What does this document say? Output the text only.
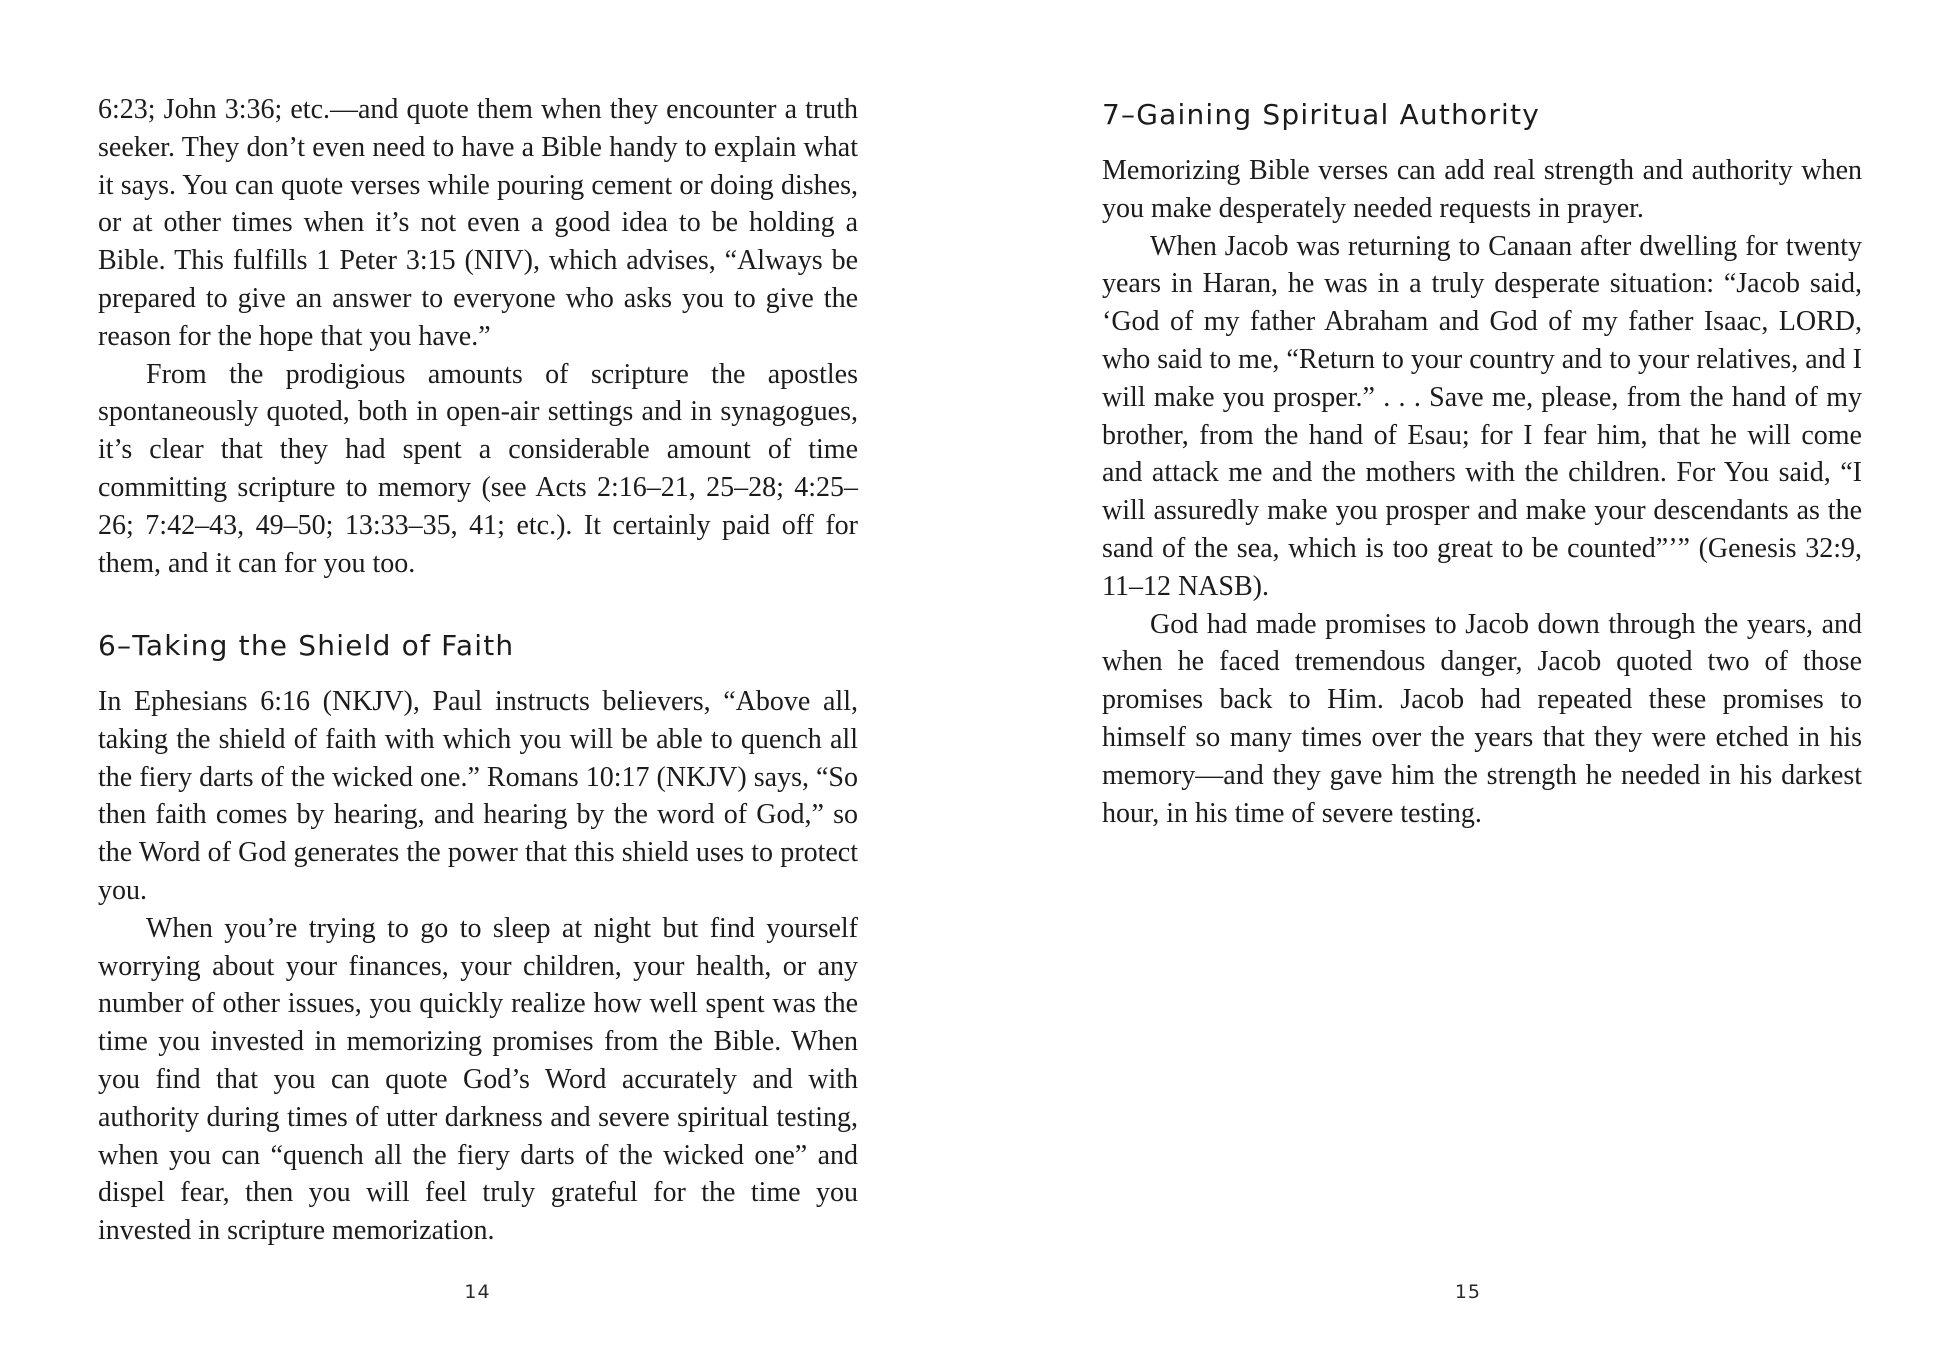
6:23; John 3:36; etc.—and quote them when they encounter a truth seeker. They don’t even need to have a Bible handy to explain what it says. You can quote verses while pouring cement or doing dishes, or at other times when it’s not even a good idea to be holding a Bible. This fulfills 1 Peter 3:15 (NIV), which advises, “Always be prepared to give an answer to everyone who asks you to give the reason for the hope that you have.”

From the prodigious amounts of scripture the apostles spontaneously quoted, both in open-air settings and in synagogues, it’s clear that they had spent a considerable amount of time committing scripture to memory (see Acts 2:16–21, 25–28; 4:25–26; 7:42–43, 49–50; 13:33–35, 41; etc.). It certainly paid off for them, and it can for you too.

6–Taking the Shield of Faith

In Ephesians 6:16 (NKJV), Paul instructs believers, “Above all, taking the shield of faith with which you will be able to quench all the fiery darts of the wicked one.” Romans 10:17 (NKJV) says, “So then faith comes by hearing, and hearing by the word of God,” so the Word of God generates the power that this shield uses to protect you.

When you’re trying to go to sleep at night but find yourself worrying about your finances, your children, your health, or any number of other issues, you quickly realize how well spent was the time you invested in memorizing promises from the Bible. When you find that you can quote God’s Word accurately and with authority during times of utter darkness and severe spiritual testing, when you can “quench all the fiery darts of the wicked one” and dispel fear, then you will feel truly grateful for the time you invested in scripture memorization.

14
7–Gaining Spiritual Authority

Memorizing Bible verses can add real strength and authority when you make desperately needed requests in prayer.

When Jacob was returning to Canaan after dwelling for twenty years in Haran, he was in a truly desperate situation: “Jacob said, ‘God of my father Abraham and God of my father Isaac, LORD, who said to me, “Return to your country and to your relatives, and I will make you prosper.” . . . Save me, please, from the hand of my brother, from the hand of Esau; for I fear him, that he will come and attack me and the mothers with the children. For You said, “I will assuredly make you prosper and make your descendants as the sand of the sea, which is too great to be counted”’” (Genesis 32:9, 11–12 NASB).

God had made promises to Jacob down through the years, and when he faced tremendous danger, Jacob quoted two of those promises back to Him. Jacob had repeated these promises to himself so many times over the years that they were etched in his memory—and they gave him the strength he needed in his darkest hour, in his time of severe testing.

15
